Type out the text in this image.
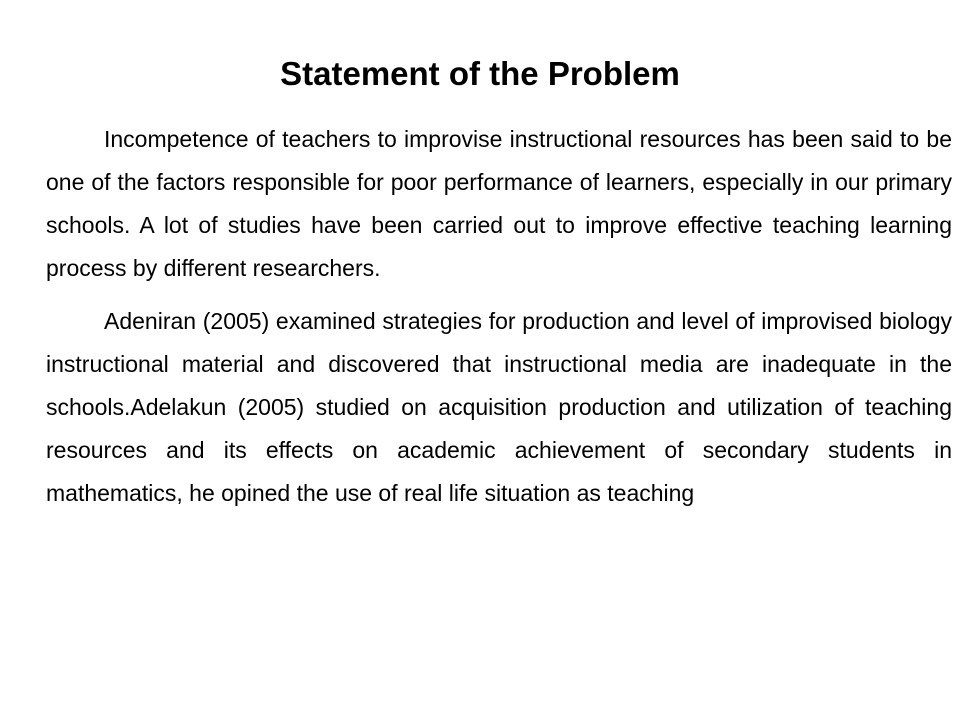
Statement of the Problem

Incompetence of teachers to improvise instructional resources has been said to be one of the factors responsible for poor performance of learners, especially in our primary schools. A lot of studies have been carried out to improve effective teaching learning process by different researchers.

Adeniran (2005) examined strategies for production and level of improvised biology instructional material and discovered that instructional media are inadequate in the schools.Adelakun (2005) studied on acquisition production and utilization of teaching resources and its effects on academic achievement of secondary students in mathematics, he opined the use of real life situation as teaching
